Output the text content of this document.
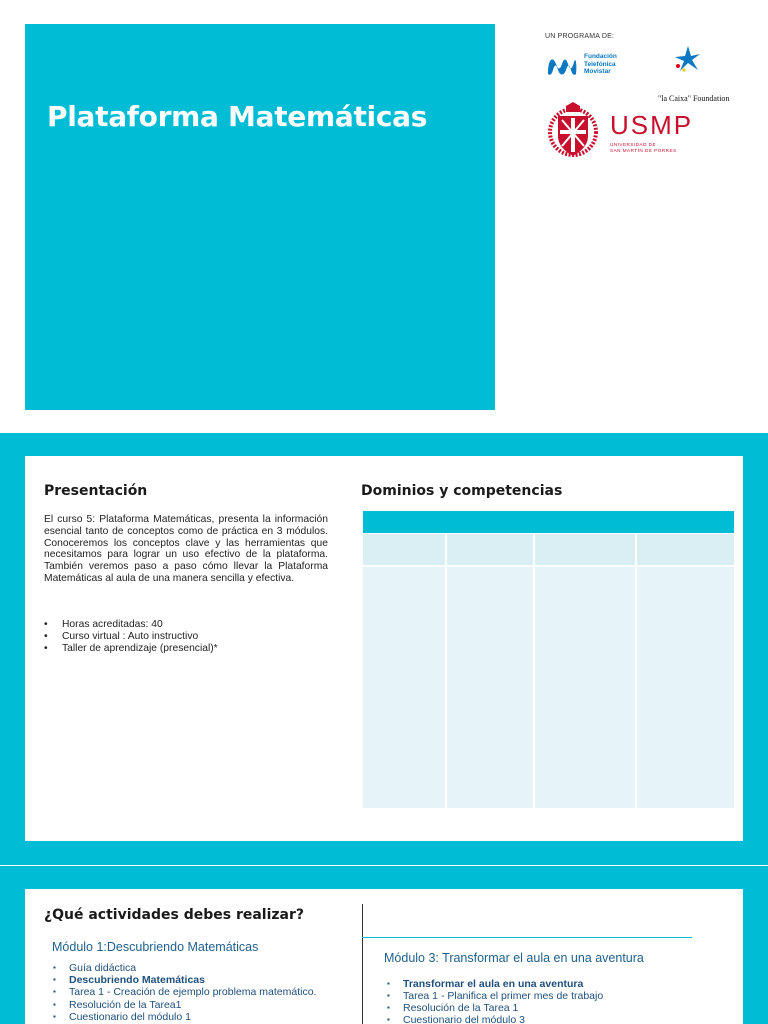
Plataforma Matemáticas
UN PROGRAMA DE:
Fundación
Telefónica
Movistar
"la Caixa" Foundation
USMP
UNIVERSIDAD DE
SAN MARTÍN DE PORRES
Presentación
El curso 5: Plataforma Matemáticas, presenta la información esencial tanto de conceptos como de práctica en 3 módulos. Conoceremos los conceptos clave y las herramientas que necesitamos para lograr un uso efectivo de la plataforma. También veremos paso a paso cómo llevar la Plataforma Matemáticas al aula de una manera sencilla y efectiva.
• Horas acreditadas: 40
• Curso virtual : Auto instructivo
• Taller de aprendizaje (presencial)*
Dominios y competencias
¿Qué actividades debes realizar?
Módulo 1:Descubriendo Matemáticas
▪ Guía didáctica
▪ Descubriendo Matemáticas
▪ Tarea 1 - Creación de ejemplo problema matemático.
▪ Resolución de la Tarea1
▪ Cuestionario del módulo 1
Módulo 3: Transformar el aula en una aventura
▪ Transformar el aula en una aventura
▪ Tarea 1 - Planifica el primer mes de trabajo
▪ Resolución de la Tarea 1
▪ Cuestionario del módulo 3
